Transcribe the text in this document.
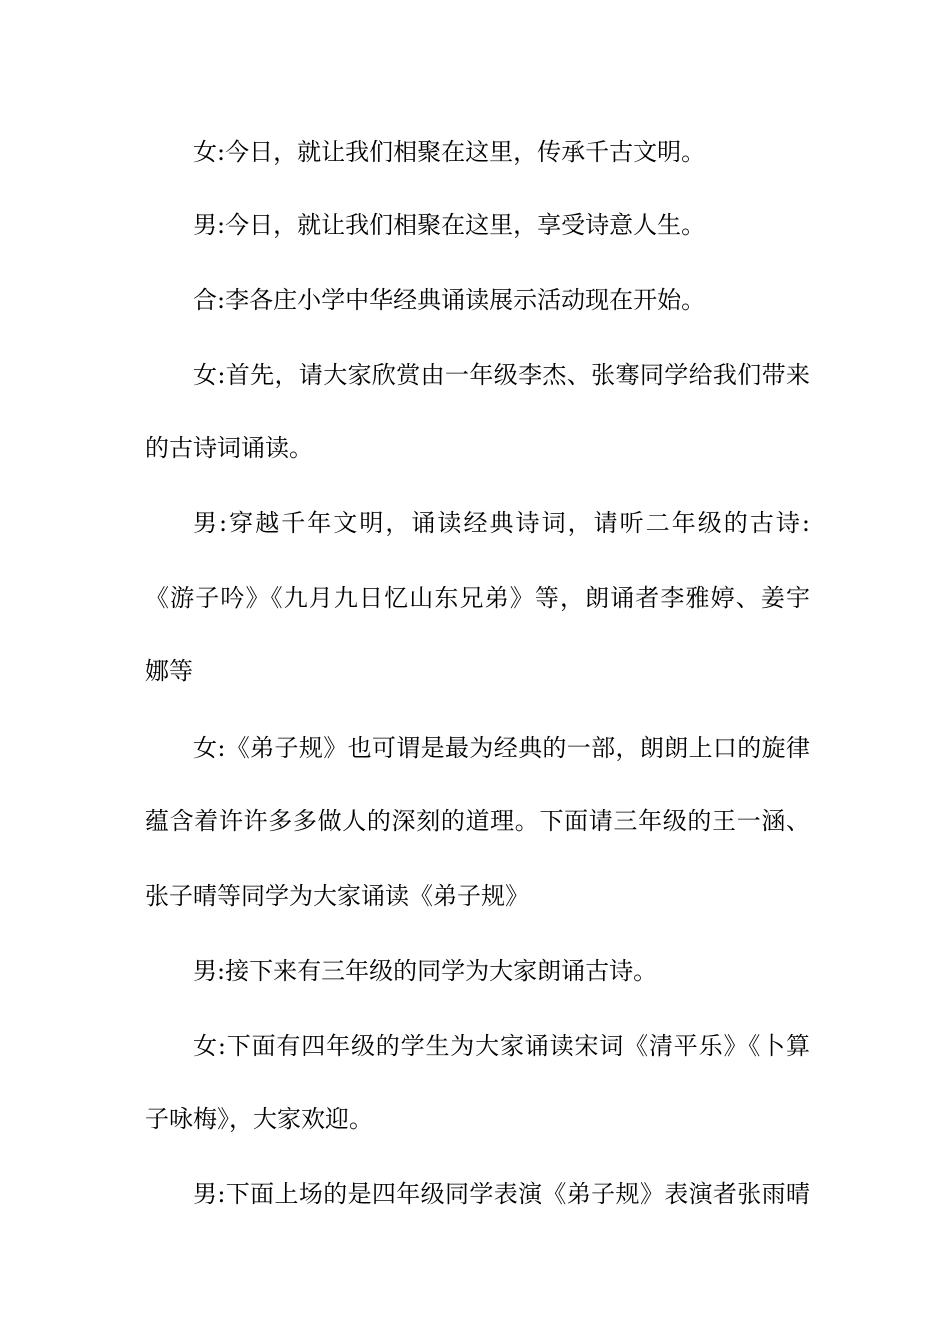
女:今日，就让我们相聚在这里，传承千古文明。
男:今日，就让我们相聚在这里，享受诗意人生。
合:李各庄小学中华经典诵读展示活动现在开始。
女:首先，请大家欣赏由一年级李杰、张骞同学给我们带来
的古诗词诵读。
男:穿越千年文明，诵读经典诗词，请听二年级的古诗:
《游子吟》《九月九日忆山东兄弟》等，朗诵者李雅婷、姜宇
娜等
女:《弟子规》也可谓是最为经典的一部，朗朗上口的旋律
蕴含着许许多多做人的深刻的道理。下面请三年级的王一涵、
张子晴等同学为大家诵读《弟子规》
男:接下来有三年级的同学为大家朗诵古诗。
女:下面有四年级的学生为大家诵读宋词《清平乐》《卜算
子咏梅》，大家欢迎。
男:下面上场的是四年级同学表演《弟子规》表演者张雨晴
